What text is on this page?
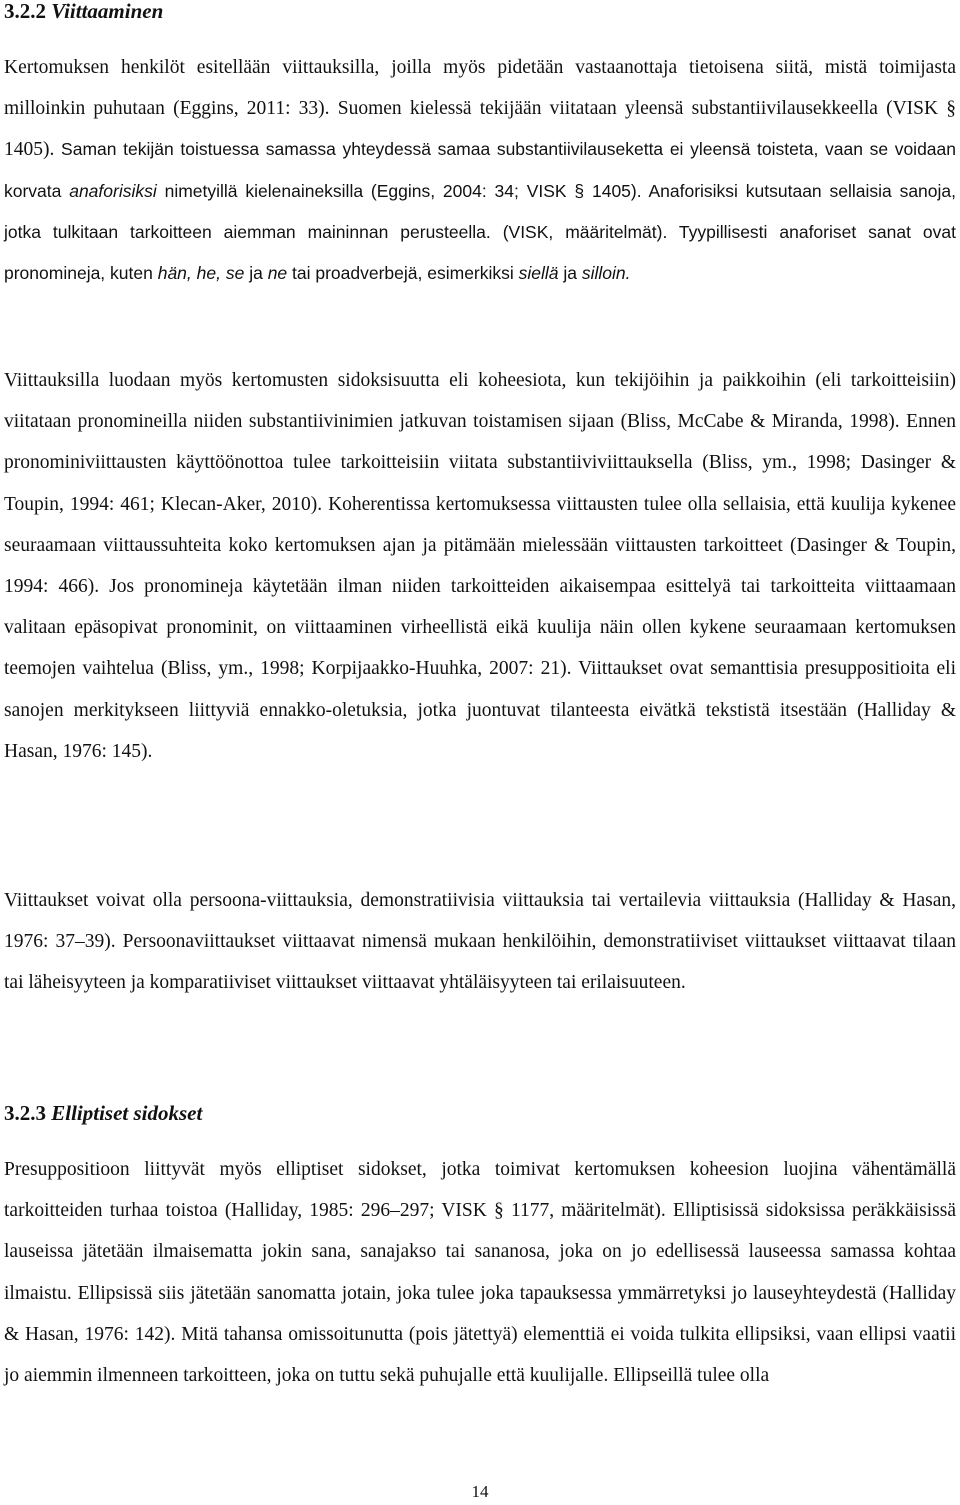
3.2.2 Viittaaminen

Kertomuksen henkilöt esitellään viittauksilla, joilla myös pidetään vastaanottaja tietoisena siitä, mistä toimijasta milloinkin puhutaan (Eggins, 2011: 33). Suomen kielessä tekijään viitataan yleensä substantiivilausekkeella (VISK § 1405). Saman tekijän toistuessa samassa yhteydessä samaa substantiivilauseketta ei yleensä toisteta, vaan se voidaan korvata anaforisiksi nimetyillä kielenaineksilla (Eggins, 2004: 34; VISK § 1405). Anaforisiksi kutsutaan sellaisia sanoja, jotka tulkitaan tarkoitteen aiemman maininnan perusteella. (VISK, määritelmät). Tyypillisesti anaforiset sanat ovat pronomineja, kuten hän, he, se ja ne tai proadverbejä, esimerkiksi siellä ja silloin.

Viittauksilla luodaan myös kertomusten sidoksisuutta eli koheesiota, kun tekijöihin ja paikkoihin (eli tarkoitteisiin) viitataan pronomineilla niiden substantiivinimien jatkuvan toistamisen sijaan (Bliss, McCabe & Miranda, 1998). Ennen pronominiviittausten käyttöönottoa tulee tarkoitteisiin viitata substantiiviviittauksella (Bliss, ym., 1998; Dasinger & Toupin, 1994: 461; Klecan-Aker, 2010). Koherentissa kertomuksessa viittausten tulee olla sellaisia, että kuulija kykenee seuraamaan viittaussuhteita koko kertomuksen ajan ja pitämään mielessään viittausten tarkoitteet (Dasinger & Toupin, 1994: 466). Jos pronomineja käytetään ilman niiden tarkoitteiden aikaisempaa esittelyä tai tarkoitteita viittaamaan valitaan epäsopivat pronominit, on viittaaminen virheellistä eikä kuulija näin ollen kykene seuraamaan kertomuksen teemojen vaihtelua (Bliss, ym., 1998; Korpijaakko-Huuhka, 2007: 21). Viittaukset ovat semanttisia presuppositioita eli sanojen merkitykseen liittyviä ennakko-oletuksia, jotka juontuvat tilanteesta eivätkä tekstistä itsestään (Halliday & Hasan, 1976: 145).

Viittaukset voivat olla persoona-viittauksia, demonstratiivisia viittauksia tai vertailevia viittauksia (Halliday & Hasan, 1976: 37–39). Persoonaviittaukset viittaavat nimensä mukaan henkilöihin, demonstratiiviset viittaukset viittaavat tilaan tai läheisyyteen ja komparatiiviset viittaukset viittaavat yhtäläisyyteen tai erilaisuuteen.

3.2.3 Elliptiset sidokset

Presuppositioon liittyvät myös elliptiset sidokset, jotka toimivat kertomuksen koheesion luojina vähentämällä tarkoitteiden turhaa toistoa (Halliday, 1985: 296–297; VISK § 1177, määritelmät). Elliptisissä sidoksissa peräkkäisissä lauseissa jätetään ilmaisematta jokin sana, sanajakso tai sananosa, joka on jo edellisessä lauseessa samassa kohtaa ilmaistu. Ellipsissä siis jätetään sanomatta jotain, joka tulee joka tapauksessa ymmärretyksi jo lauseyhteydestä (Halliday & Hasan, 1976: 142). Mitä tahansa omissoitunutta (pois jätettyä) elementtiä ei voida tulkita ellipsiksi, vaan ellipsi vaatii jo aiemmin ilmenneen tarkoitteen, joka on tuttu sekä puhujalle että kuulijalle. Ellipseillä tulee olla

14
